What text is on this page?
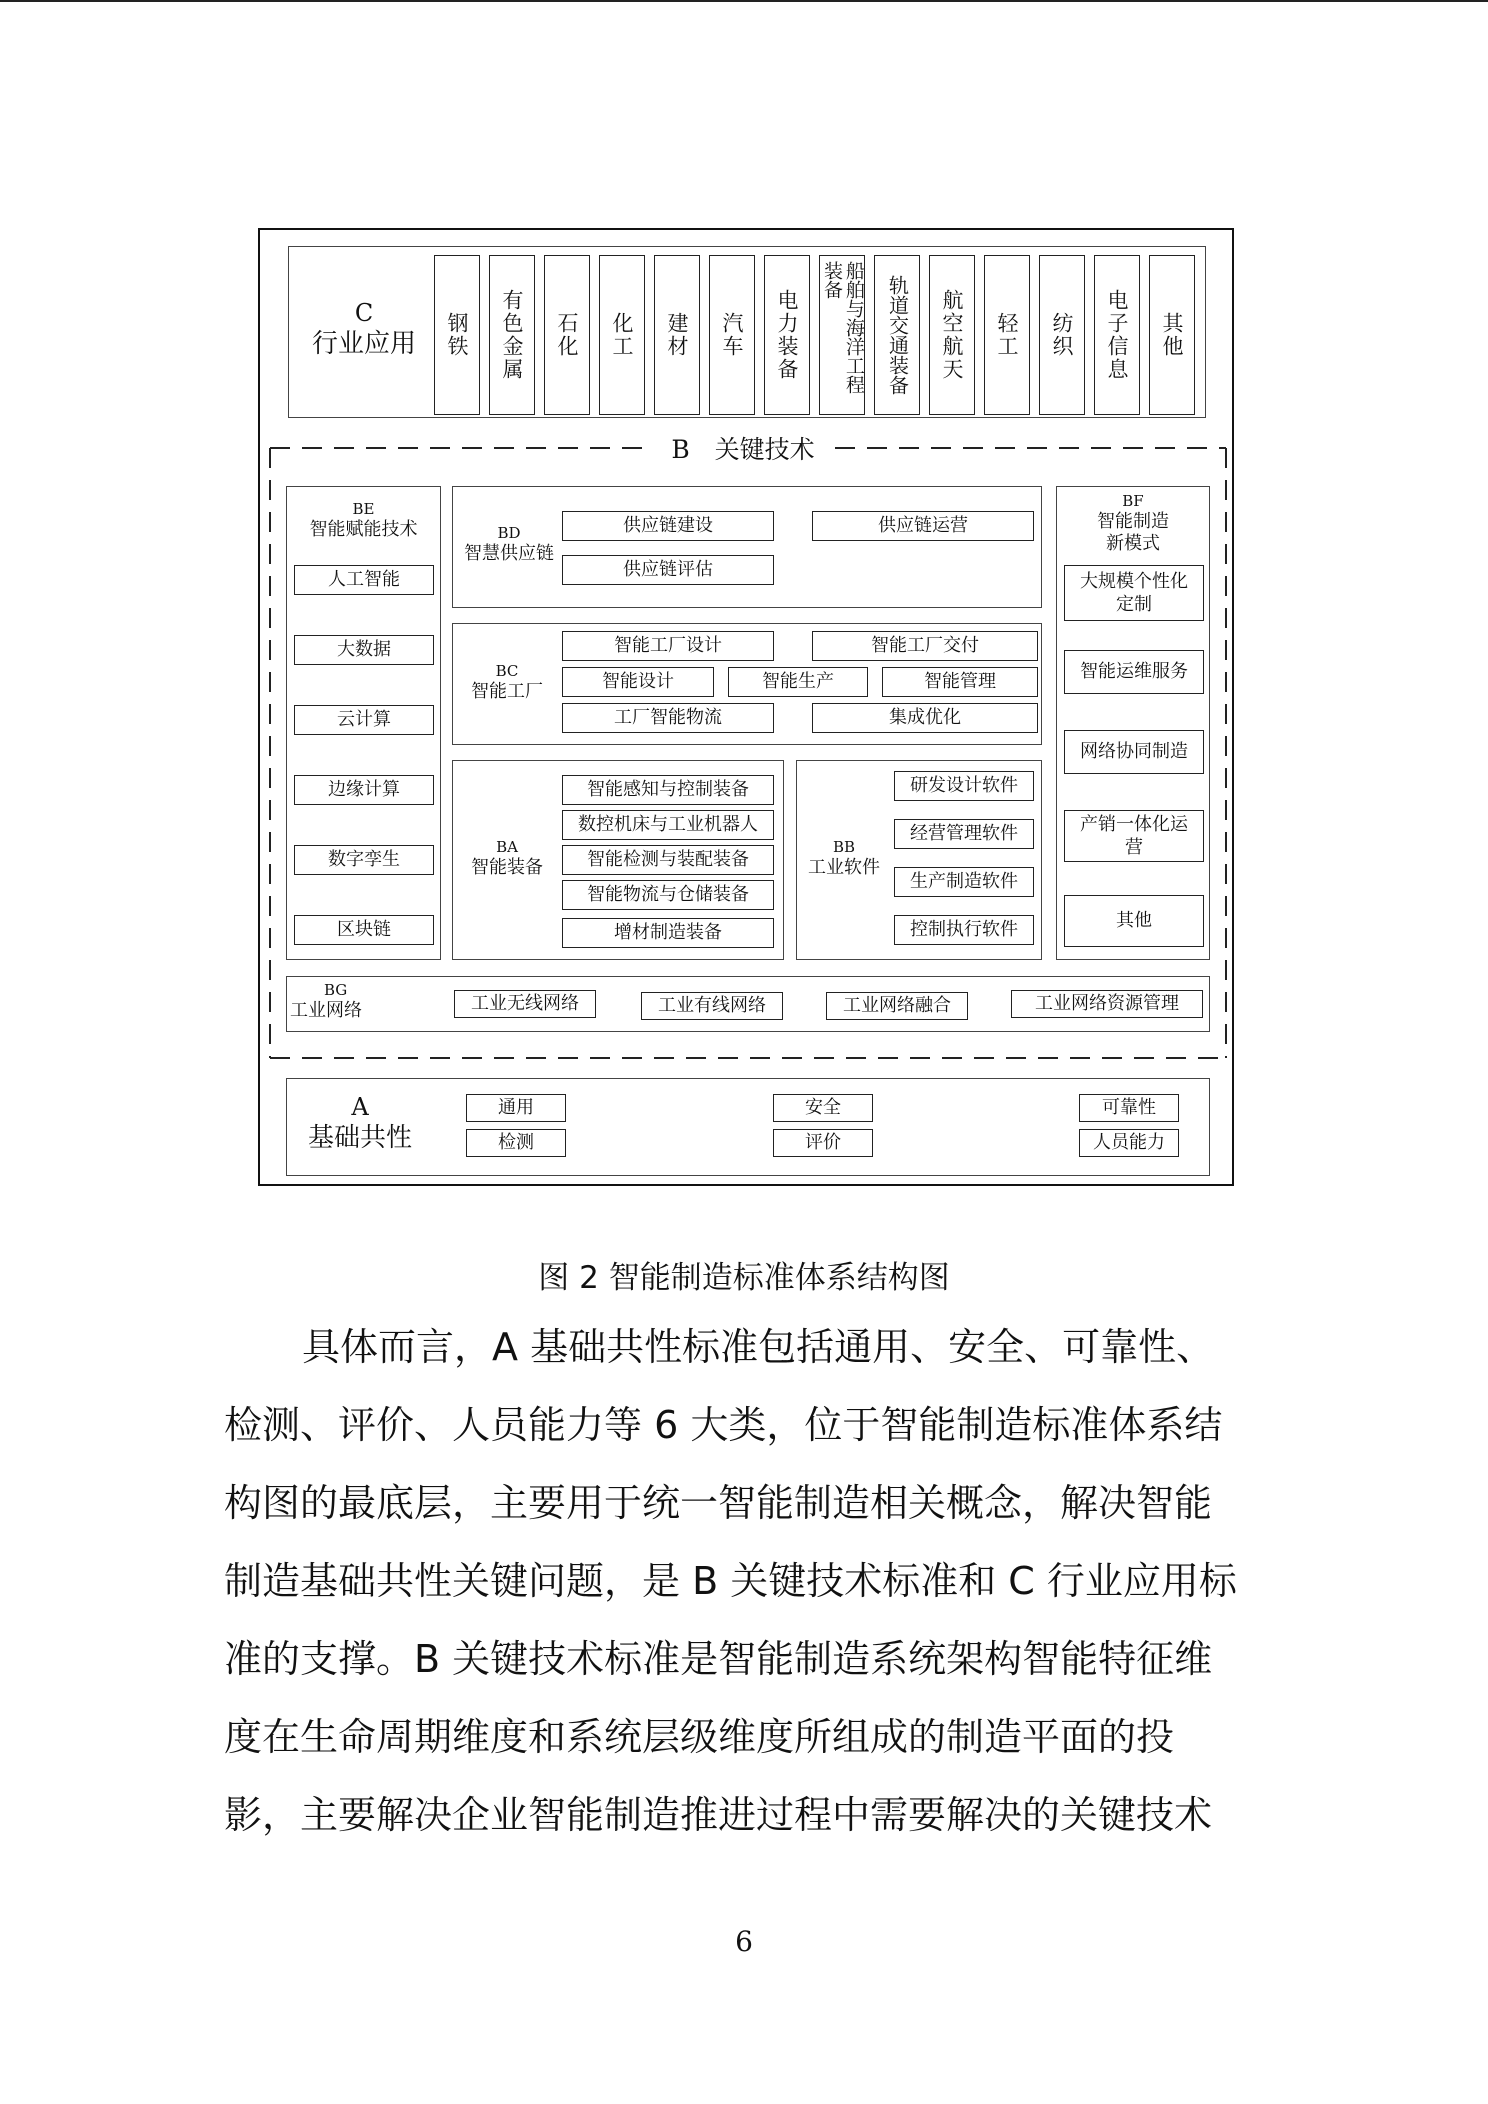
C
行业应用	钢铁 有色金属 石化 化工 建材 汽车 电力装备	船舶与海洋工程装备	轨道交通装备 航空航天 轻工 纺织 电子信息 其他
B　关键技术
BE
智能赋能技术
人工智能
大数据
云计算
边缘计算
数字孪生
区块链
BD
智慧供应链
供应链建设	供应链运营
供应链评估
BC
智能工厂
智能工厂设计	智能工厂交付
智能设计	智能生产	智能管理
工厂智能物流	集成优化
BA
智能装备
智能感知与控制装备
数控机床与工业机器人
智能检测与装配装备
智能物流与仓储装备
增材制造装备
BB
工业软件
研发设计软件
经营管理软件
生产制造软件
控制执行软件
BF
智能制造
新模式
大规模个性化定制
智能运维服务
网络协同制造
产销一体化运营
其他
BG
工业网络	工业无线网络	工业有线网络	工业网络融合	工业网络资源管理
A
基础共性
通用
检测
安全
评价
可靠性
人员能力
图 2 智能制造标准体系结构图
具体而言，A 基础共性标准包括通用、安全、可靠性、
检测、评价、人员能力等 6 大类，位于智能制造标准体系结
构图的最底层，主要用于统一智能制造相关概念，解决智能
制造基础共性关键问题，是 B 关键技术标准和 C 行业应用标
准的支撑。B 关键技术标准是智能制造系统架构智能特征维
度在生命周期维度和系统层级维度所组成的制造平面的投
影，主要解决企业智能制造推进过程中需要解决的关键技术
6
